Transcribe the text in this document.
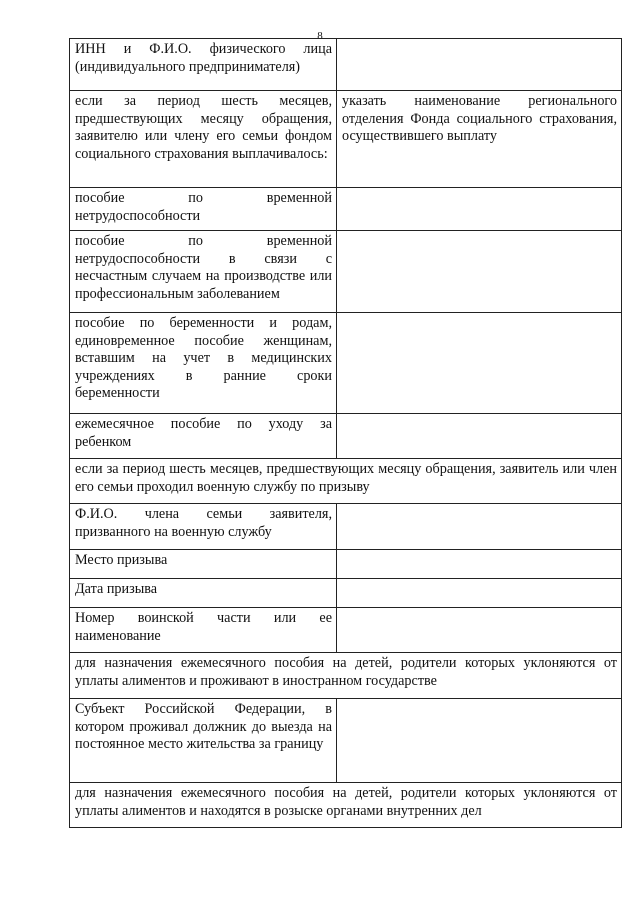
8
ИНН и Ф.И.О. физического лица (индивидуального предпринимателя)	
если за период шесть месяцев, предшествующих месяцу обращения, заявителю или члену его семьи фондом социального страхования выплачивалось:	указать наименование регионального отделения Фонда социального страхования, осуществившего выплату
пособие по временной нетрудоспособности	
пособие по временной нетрудоспособности в связи с несчастным случаем на производстве или профессиональным заболеванием	
пособие по беременности и родам, единовременное пособие женщинам, вставшим на учет в медицинских учреждениях в ранние сроки беременности	
ежемесячное пособие по уходу за ребенком	
если за период шесть месяцев, предшествующих месяцу обращения, заявитель или член его семьи проходил военную службу по призыву	
Ф.И.О. члена семьи заявителя, призванного на военную службу	
Место призыва	
Дата призыва	
Номер воинской части или ее наименование	
для назначения ежемесячного пособия на детей, родители которых уклоняются от уплаты алиментов и проживают в иностранном государстве	
Субъект Российской Федерации, в котором проживал должник до выезда на постоянное место жительства за границу	
для назначения ежемесячного пособия на детей, родители которых уклоняются от уплаты алиментов и находятся в розыске органами внутренних дел	
